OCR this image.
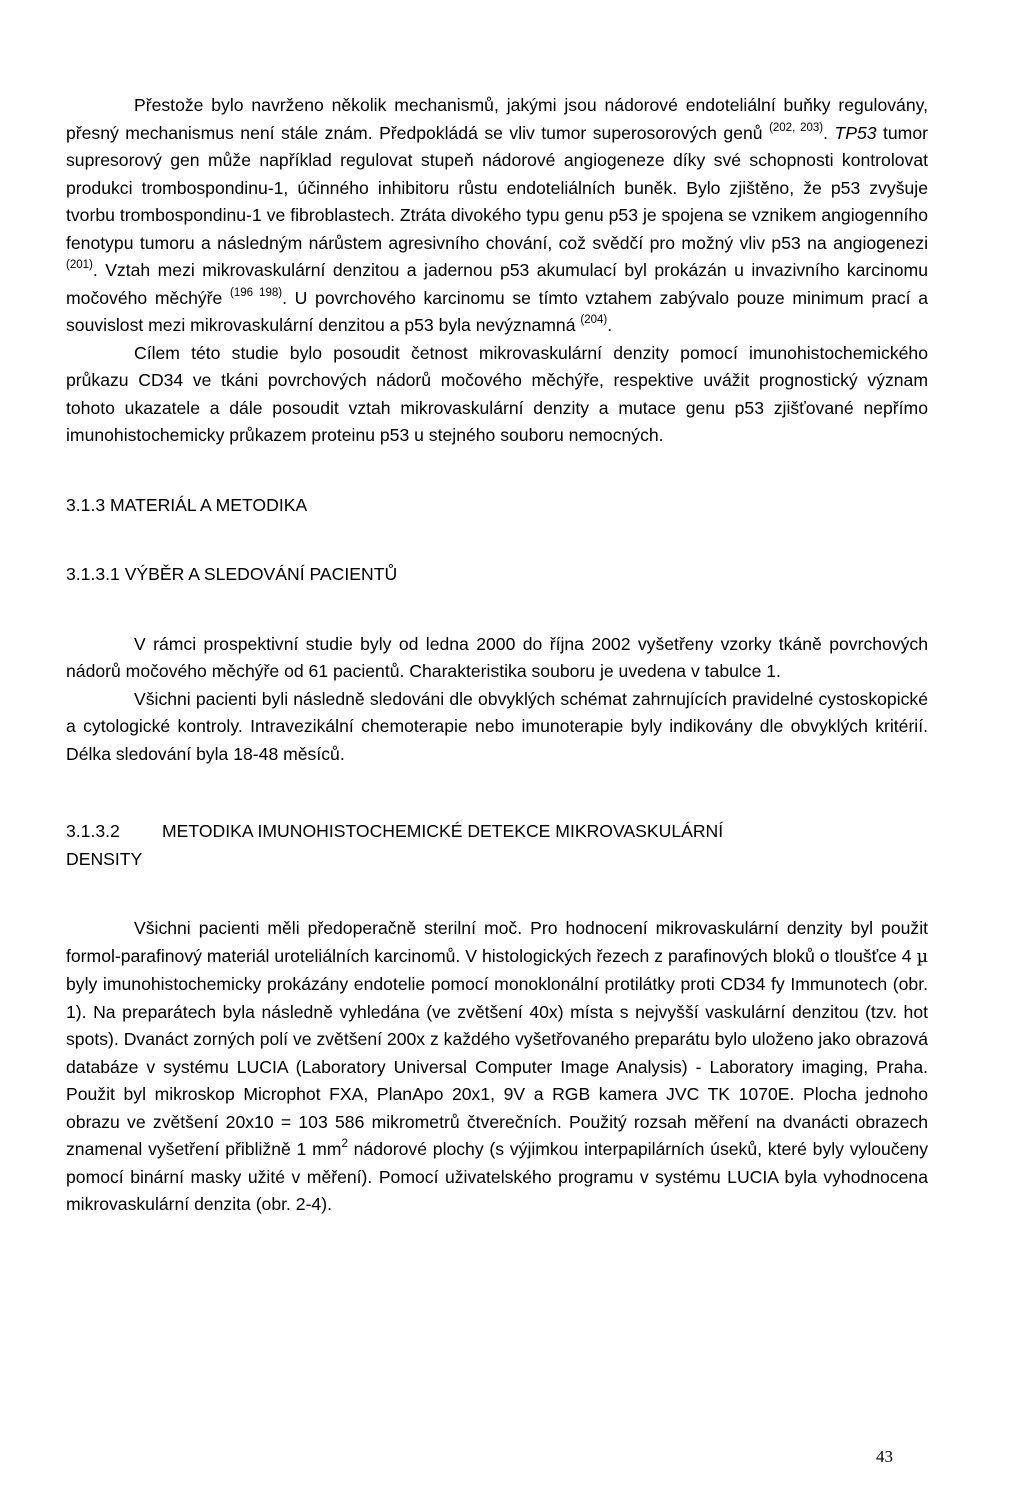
Přestože bylo navrženo několik mechanismů, jakými jsou nádorové endoteliální buňky regulovány, přesný mechanismus není stále znám. Předpokládá se vliv tumor superosorových genů $^{(202, 203)}$. TP53 tumor supresorový gen může například regulovat stupeň nádorové angiogeneze díky své schopnosti kontrolovat produkci trombospondinu-1, účinného inhibitoru růstu endoteliálních buněk. Bylo zjištěno, že p53 zvyšuje tvorbu trombospondinu-1 ve fibroblastech. Ztráta divokého typu genu p53 je spojena se vznikem angiogenního fenotypu tumoru a následným nárůstem agresivního chování, což svědčí pro možný vliv p53 na angiogenezi $^{(201)}$. Vztah mezi mikrovaskulární denzitou a jadernou p53 akumulací byl prokázán u invazivního karcinomu močového měchýře $^{(196 198)}$. U povrchového karcinomu se tímto vztahem zabývalo pouze minimum prací a souvislost mezi mikrovaskulární denzitou a p53 byla nevýznamná $^{(204)}$.

Cílem této studie bylo posoudit četnost mikrovaskulární denzity pomocí imunohistochemického průkazu CD34 ve tkáni povrchových nádorů močového měchýře, respektive uvážit prognostický význam tohoto ukazatele a dále posoudit vztah mikrovaskulární denzity a mutace genu p53 zjišťované nepřímo imunohistochemicky průkazem proteinu p53 u stejného souboru nemocných.

3.1.3 MATERIÁL A METODIKA
3.1.3.1 VÝBĚR A SLEDOVÁNÍ PACIENTŮ

V rámci prospektivní studie byly od ledna 2000 do října 2002 vyšetřeny vzorky tkáně povrchových nádorů močového měchýře od 61 pacientů. Charakteristika souboru je uvedena v tabulce 1.

Všichni pacienti byli následně sledováni dle obvyklých schémat zahrnujících pravidelné cystoskopické a cytologické kontroly. Intravezikální chemoterapie nebo imunoterapie byly indikovány dle obvyklých kritérií. Délka sledování byla 18-48 měsíců.

3.1.3.2 METODIKA IMUNOHISTOCHEMICKÉ DETEKCE MIKROVASKULÁRNÍ
DENSITY

Všichni pacienti měli předoperačně sterilní moč. Pro hodnocení mikrovaskulární denzity byl použit formol-parafinový materiál uroteliálních karcinomů. V histologických řezech z parafinových bloků o tloušťce 4 µ byly imunohistochemicky prokázány endotelie pomocí monoklonální protilátky proti CD34 fy Immunotech (obr. 1). Na preparátech byla následně vyhledána (ve zvětšení 40x) místa s nejvyšší vaskulární denzitou (tzv. hot spots). Dvanáct zorných polí ve zvětšení 200x z každého vyšetřovaného preparátu bylo uloženo jako obrazová databáze v systému LUCIA (Laboratory Universal Computer Image Analysis) - Laboratory imaging, Praha. Použit byl mikroskop Microphot FXA, PlanApo 20x1, 9V a RGB kamera JVC TK 1070E. Plocha jednoho obrazu ve zvětšení 20x10 = 103 586 mikrometrů čtverečních. Použitý rozsah měření na dvanácti obrazech znamenal vyšetření přibližně 1 $mm^2$ nádorové plochy (s výjimkou interpapilárních úseků, které byly vyloučeny pomocí binární masky užité v měření). Pomocí uživatelského programu v systému LUCIA byla vyhodnocena mikrovaskulární denzita (obr. 2-4).

43
